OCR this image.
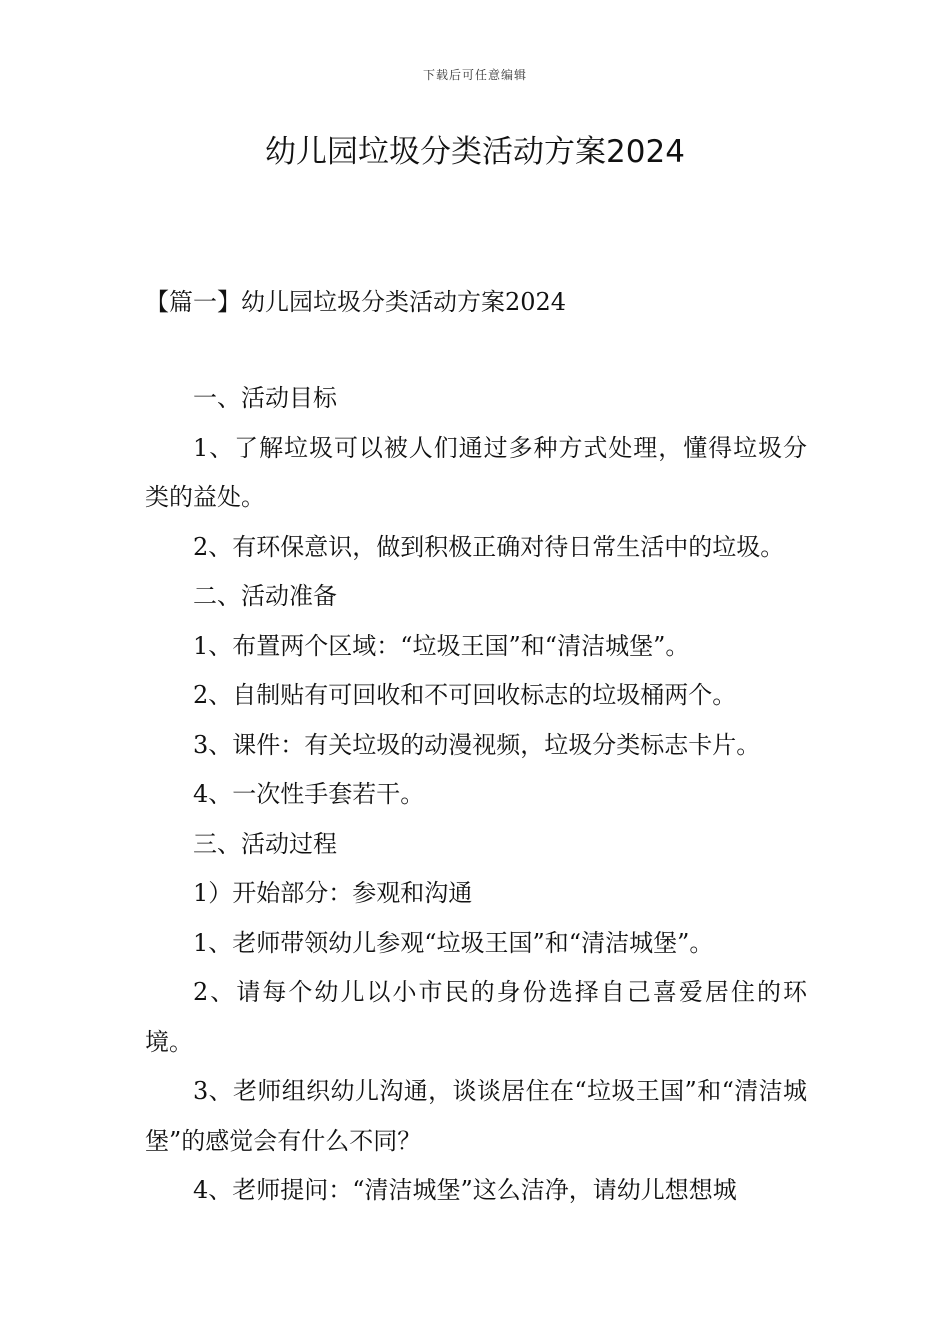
下载后可任意编辑
幼儿园垃圾分类活动方案2024
【篇一】幼儿园垃圾分类活动方案2024

一、活动目标

1、了解垃圾可以被人们通过多种方式处理，懂得垃圾分类的益处。

2、有环保意识，做到积极正确对待日常生活中的垃圾。

二、活动准备

1、布置两个区域：“垃圾王国”和“清洁城堡”。

2、自制贴有可回收和不可回收标志的垃圾桶两个。

3、课件：有关垃圾的动漫视频，垃圾分类标志卡片。

4、一次性手套若干。

三、活动过程

1）开始部分：参观和沟通

1、老师带领幼儿参观“垃圾王国”和“清洁城堡”。

2、请每个幼儿以小市民的身份选择自己喜爱居住的环境。

3、老师组织幼儿沟通，谈谈居住在“垃圾王国”和“清洁城堡”的感觉会有什么不同？

4、老师提问：“清洁城堡”这么洁净，请幼儿想想城
